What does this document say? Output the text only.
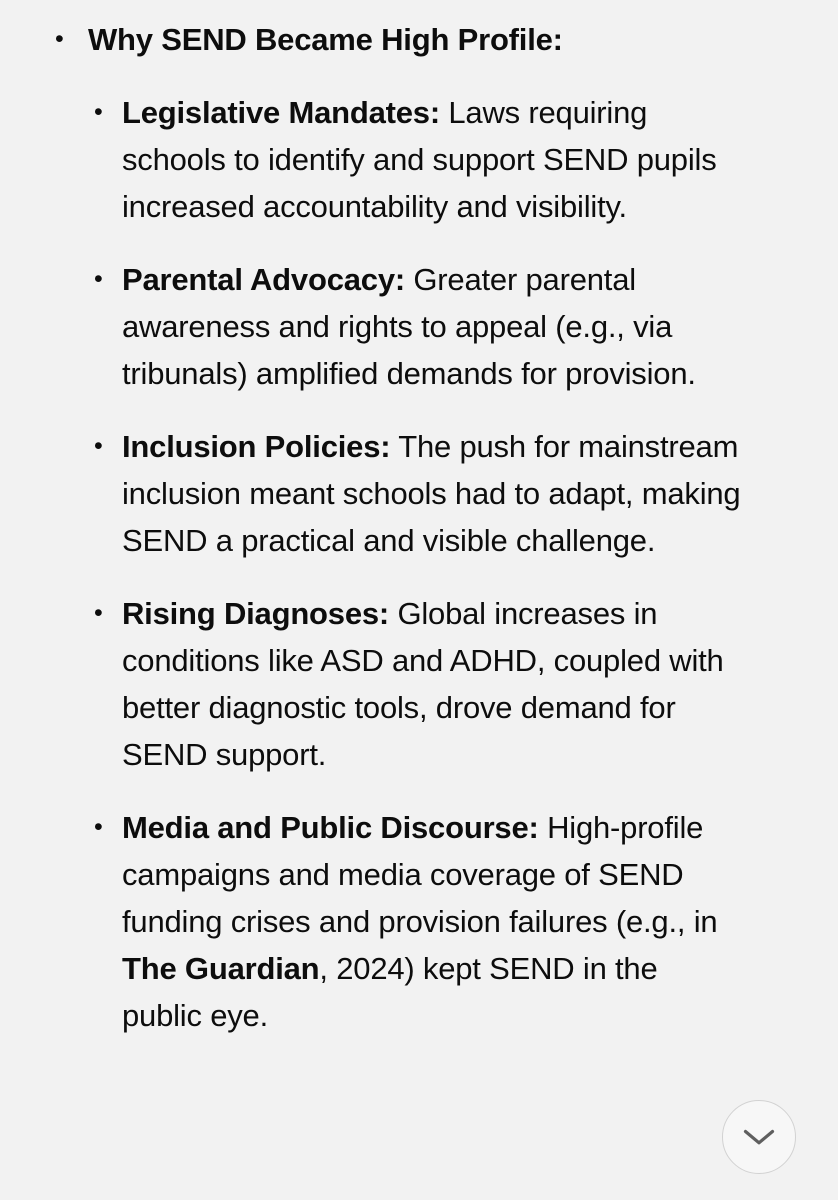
• Why SEND Became High Profile:

• Legislative Mandates: Laws requiring schools to identify and support SEND pupils increased accountability and visibility.

• Parental Advocacy: Greater parental awareness and rights to appeal (e.g., via tribunals) amplified demands for provision.

• Inclusion Policies: The push for mainstream inclusion meant schools had to adapt, making SEND a practical and visible challenge.

• Rising Diagnoses: Global increases in conditions like ASD and ADHD, coupled with better diagnostic tools, drove demand for SEND support.

• Media and Public Discourse: High-profile campaigns and media coverage of SEND funding crises and provision failures (e.g., in The Guardian, 2024) kept SEND in the public eye.
